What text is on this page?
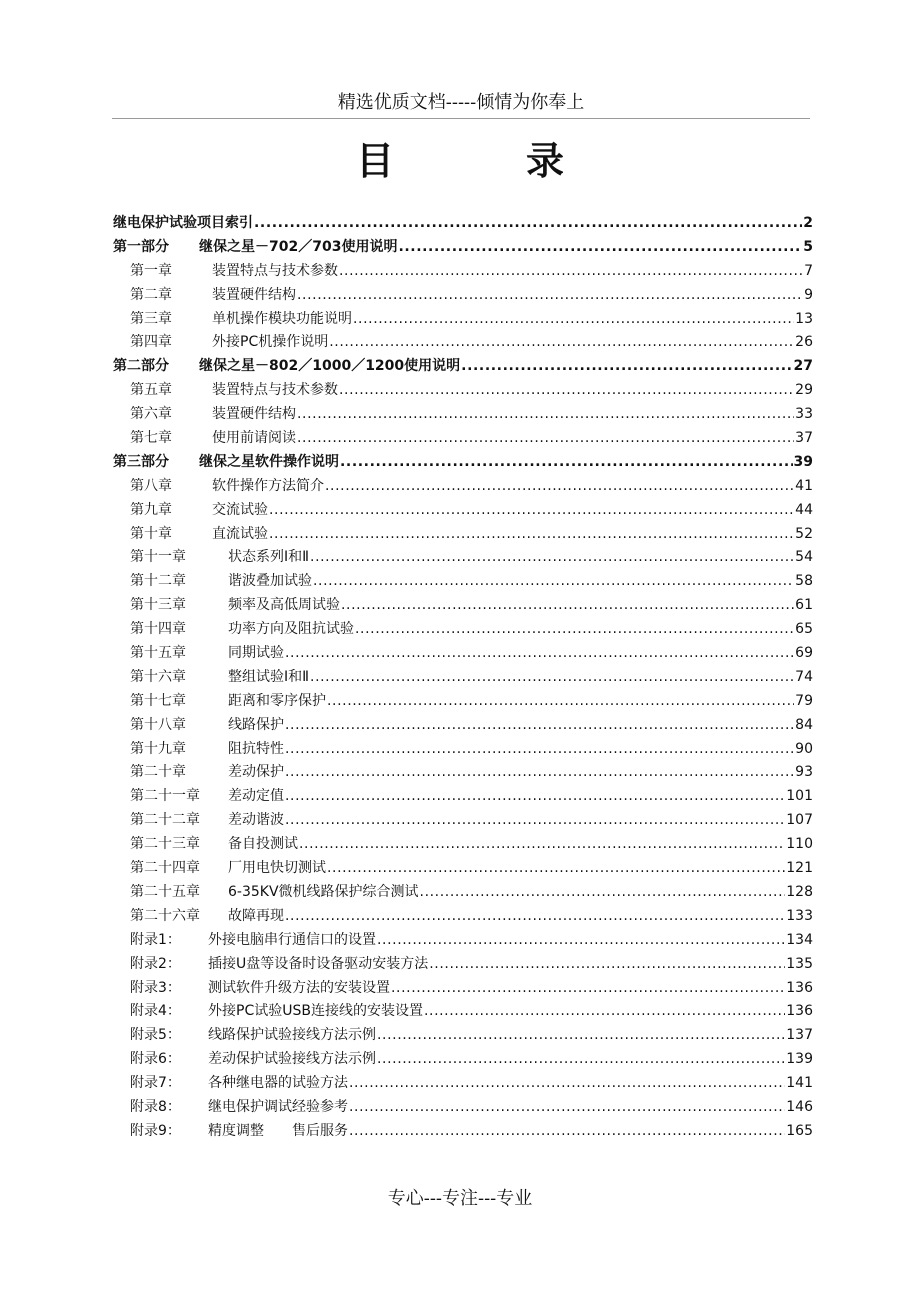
精选优质文档-----倾情为你奉上
目录
继电保护试验项目索引 .....	2
第一部分	继保之星－702／703使用说明 .....	5
第一章	装置特点与技术参数 .....	7
第二章	装置硬件结构 .....	9
第三章	单机操作模块功能说明 .....	13
第四章	外接PC机操作说明 .....	26
第二部分	继保之星－802／1000／1200使用说明 .....	27
第五章	装置特点与技术参数 .....	29
第六章	装置硬件结构 .....	33
第七章	使用前请阅读 .....	37
第三部分	继保之星软件操作说明 .....	39
第八章	软件操作方法简介 .....	41
第九章	交流试验 .....	44
第十章	直流试验 .....	52
第十一章	状态系列Ⅰ和Ⅱ .....	54
第十二章	谐波叠加试验 .....	58
第十三章	频率及高低周试验 .....	61
第十四章	功率方向及阻抗试验 .....	65
第十五章	同期试验 .....	69
第十六章	整组试验Ⅰ和Ⅱ .....	74
第十七章	距离和零序保护 .....	79
第十八章	线路保护 .....	84
第十九章	阻抗特性 .....	90
第二十章	差动保护 .....	93
第二十一章	差动定值 .....	101
第二十二章	差动谐波 .....	107
第二十三章	备自投测试 .....	110
第二十四章	厂用电快切测试 .....	121
第二十五章	6-35KV微机线路保护综合测试 .....	128
第二十六章	故障再现 .....	133
附录1：	外接电脑串行通信口的设置 .....	134
附录2：	插接U盘等设备时设备驱动安装方法 .....	135
附录3：	测试软件升级方法的安装设置 .....	136
附录4：	外接PC试验USB连接线的安装设置 .....	136
附录5：	线路保护试验接线方法示例 .....	137
附录6：	差动保护试验接线方法示例 .....	139
附录7：	各种继电器的试验方法 .....	141
附录8：	继电保护调试经验参考 .....	146
附录9：	精度调整　　售后服务 .....	165
专心---专注---专业
